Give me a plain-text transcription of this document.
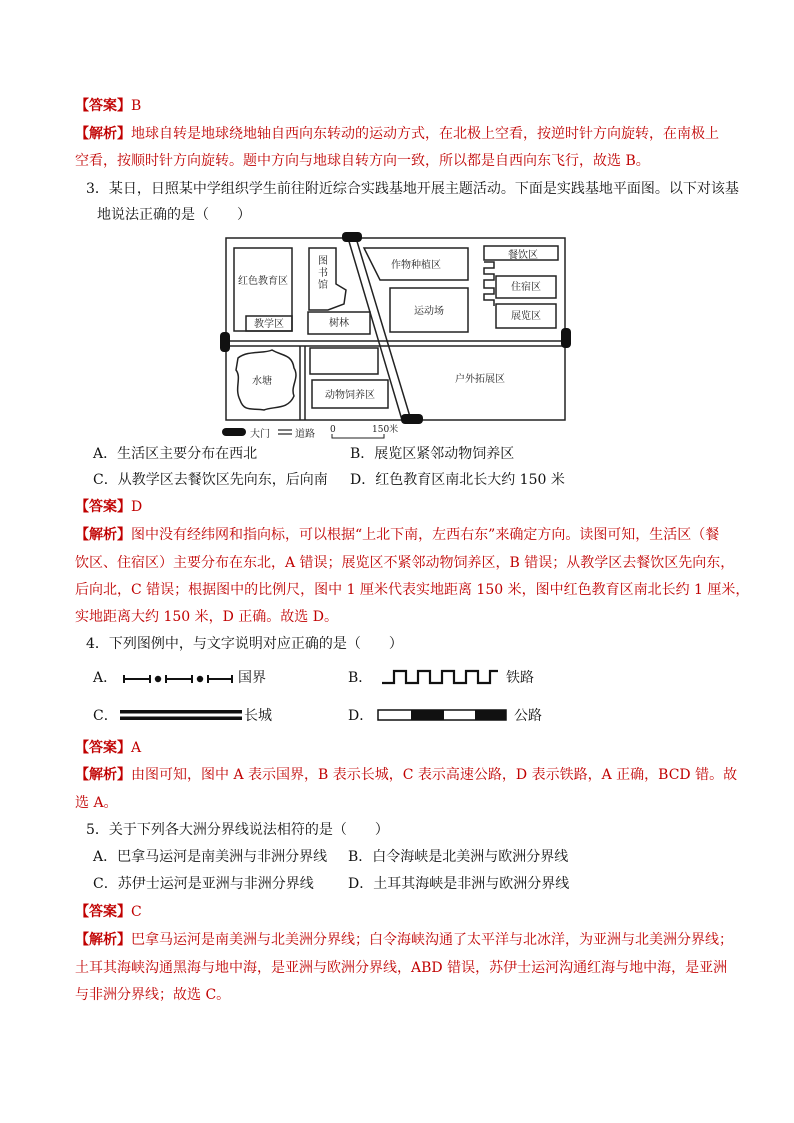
【答案】B
【解析】地球自转是地球绕地轴自西向东转动的运动方式，在北极上空看，按逆时针方向旋转，在南极上
空看，按顺时针方向旋转。题中方向与地球自转方向一致，所以都是自西向东飞行，故选 B。
3．某日，日照某中学组织学生前往附近综合实践基地开展主题活动。下面是实践基地平面图。以下对该基
地说法正确的是（　　）
红色教育区
图
书
馆
作物种植区
餐饮区
住宿区
运动场
教学区	树林
展览区
水塘	户外拓展区
动物饲养区
大门	道路 0	150米
A．生活区主要分布在西北	B．展览区紧邻动物饲养区
C．从教学区去餐饮区先向东，后向南 D．红色教育区南北长大约 150 米
【答案】D
【解析】图中没有经纬网和指向标，可以根据“上北下南，左西右东”来确定方向。读图可知，生活区（餐
饮区、住宿区）主要分布在东北，A 错误；展览区不紧邻动物饲养区，B 错误；从教学区去餐饮区先向东，
后向北，C 错误；根据图中的比例尺，图中 1 厘米代表实地距离 150 米，图中红色教育区南北长约 1 厘米，
实地距离大约 150 米，D 正确。故选 D。
4．下列图例中，与文字说明对应正确的是（　　）
A．	国界	B．	铁路
C．	长城	D．	公路
【答案】A
【解析】由图可知，图中 A 表示国界，B 表示长城，C 表示高速公路，D 表示铁路，A 正确，BCD 错。故
选 A。
5．关于下列各大洲分界线说法相符的是（　　）
A．巴拿马运河是南美洲与非洲分界线 B．白令海峡是北美洲与欧洲分界线
C．苏伊士运河是亚洲与非洲分界线 D．土耳其海峡是非洲与欧洲分界线
【答案】C
【解析】巴拿马运河是南美洲与北美洲分界线；白令海峡沟通了太平洋与北冰洋，为亚洲与北美洲分界线；
土耳其海峡沟通黑海与地中海，是亚洲与欧洲分界线，ABD 错误，苏伊士运河沟通红海与地中海，是亚洲
与非洲分界线；故选 C。
